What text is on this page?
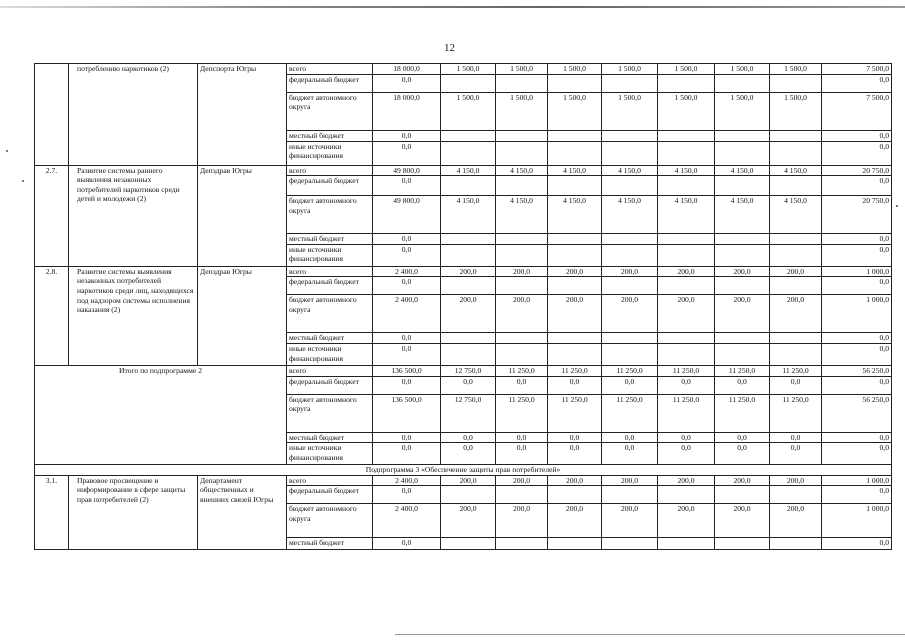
12
	потреблению наркотиков (2)	Депспорта Югры	всего	18 000,0	1 500,0	1 500,0	1 500,0	1 500,0	1 500,0	1 500,0	1 500,0	7 500,0
			федеральный бюджет	0,0								0,0
			бюджет автономного округа	18 000,0	1 500,0	1 500,0	1 500,0	1 500,0	1 500,0	1 500,0	1 500,0	7 500,0
			местный бюджет	0,0								0,0
			иные источники финансирования	0,0								0,0
2.7.	Развитие системы раннего выявления незаконных потребителей наркотиков среди детей и молодежи (2)	Депздрав Югры	всего	49 800,0	4 150,0	4 150,0	4 150,0	4 150,0	4 150,0	4 150,0	4 150,0	20 750,0
			федеральный бюджет	0,0								0,0
			бюджет автономного округа	49 800,0	4 150,0	4 150,0	4 150,0	4 150,0	4 150,0	4 150,0	4 150,0	20 750,0
			местный бюджет	0,0								0,0
			иные источники финансирования	0,0								0,0
2.8.	Развитие системы выявления незаконных потребителей наркотиков среди лиц, находящихся под надзором системы исполнения наказания (2)	Депздрав Югры	всего	2 400,0	200,0	200,0	200,0	200,0	200,0	200,0	200,0	1 000,0
			федеральный бюджет	0,0								0,0
			бюджет автономного округа	2 400,0	200,0	200,0	200,0	200,0	200,0	200,0	200,0	1 000,0
			местный бюджет	0,0								0,0
			иные источники финансирования	0,0								0,0
Итого по подпрограмме 2			всего	136 500,0	12 750,0	11 250,0	11 250,0	11 250,0	11 250,0	11 250,0	11 250,0	56 250,0
			федеральный бюджет	0,0	0,0	0,0	0,0	0,0	0,0	0,0	0,0	0,0
			бюджет автономного округа	136 500,0	12 750,0	11 250,0	11 250,0	11 250,0	11 250,0	11 250,0	11 250,0	56 250,0
			местный бюджет	0,0	0,0	0,0	0,0	0,0	0,0	0,0	0,0	0,0
			иные источники финансирования	0,0	0,0	0,0	0,0	0,0	0,0	0,0	0,0	0,0
Подпрограмма 3 «Обеспечение защиты прав потребителей»												
3.1.	Правовое просвещение и информирование в сфере защиты прав потребителей (2)	Департамент общественных и внешних связей Югры	всего	2 400,0	200,0	200,0	200,0	200,0	200,0	200,0	200,0	1 000,0
			федеральный бюджет	0,0								0,0
			бюджет автономного округа	2 400,0	200,0	200,0	200,0	200,0	200,0	200,0	200,0	1 000,0
			местный бюджет	0,0								0,0
